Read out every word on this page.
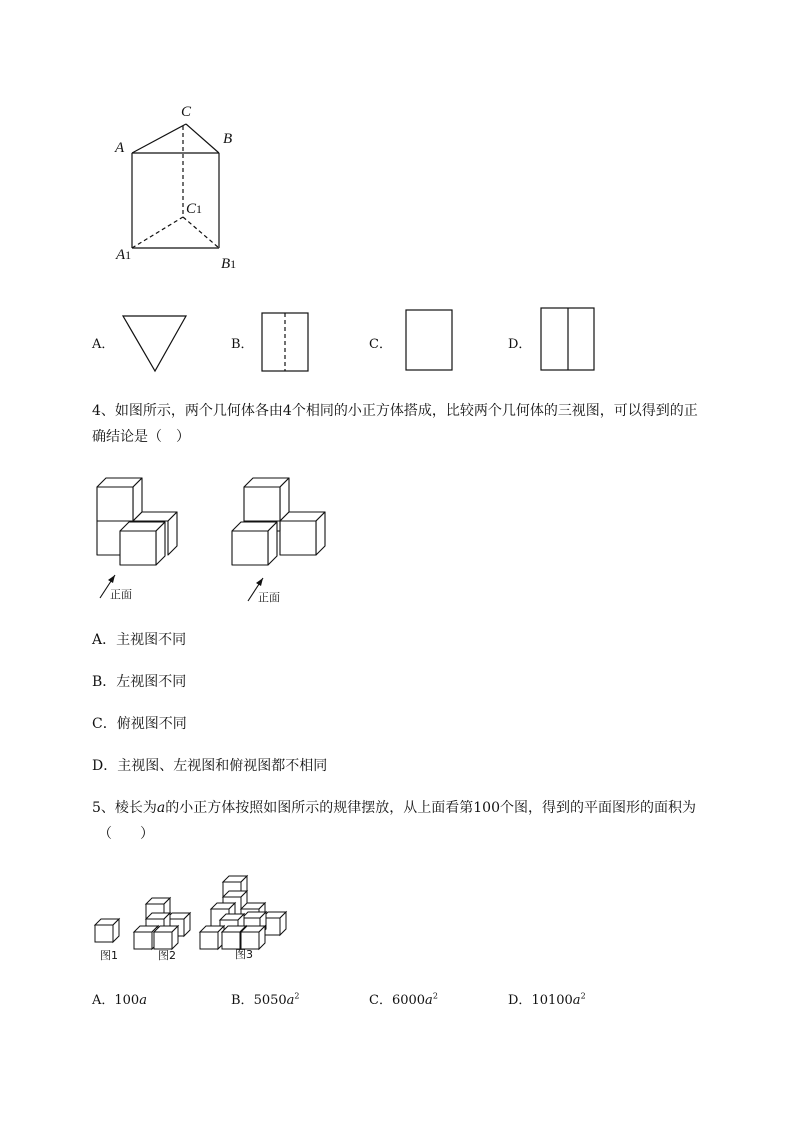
C
A
B
C1
A1
B1
A．	B．	C．	D．
4、如图所示，两个几何体各由4个相同的小正方体搭成，比较两个几何体的三视图，可以得到的正
确结论是（　）
正面	正面
A．主视图不同
B．左视图不同
C．俯视图不同
D．主视图、左视图和俯视图都不相同
5、棱长为a的小正方体按照如图所示的规律摆放，从上面看第100个图，得到的平面图形的面积为
（　　）
图1	图2	图3
A．100a	B．$5050a^2$	C．$6000a^2$	D．$10100a^2$
